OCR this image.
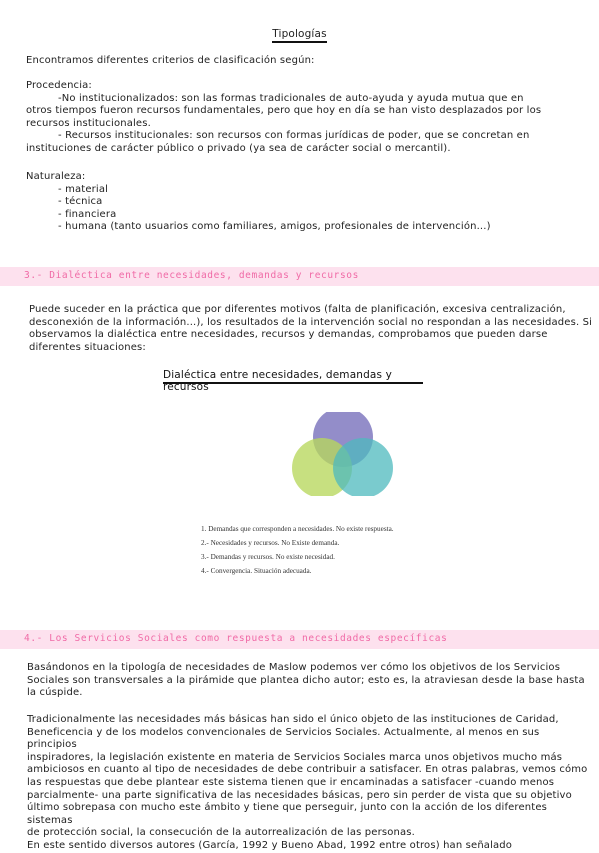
Tipologías

Encontramos diferentes criterios de clasificación según:

Procedencia:

-No institucionalizados: son las formas tradicionales de auto-ayuda y ayuda mutua que en

otros tiempos fueron recursos fundamentales, pero que hoy en día se han visto desplazados por los

recursos institucionales.

- Recursos institucionales: son recursos con formas jurídicas de poder, que se concretan en

instituciones de carácter público o privado (ya sea de carácter social o mercantil).

Naturaleza:

- material

- técnica

- financiera

- humana (tanto usuarios como familiares, amigos, profesionales de intervención...)

3.- Dialéctica entre necesidades, demandas y recursos

Puede suceder en la práctica que por diferentes motivos (falta de planificación, excesiva centralización,

desconexión de la información...), los resultados de la intervención social no respondan a las necesidades. Si

observamos la dialéctica entre necesidades, recursos y demandas, comprobamos que pueden darse

diferentes situaciones:

Dialéctica entre necesidades, demandas y recursos
1. Demandas que corresponden a necesidades. No existe respuesta.
2.- Necesidades y recursos. No Existe demanda.
3.- Demandas y recursos. No existe necesidad.
4.- Convergencia. Situación adecuada.
4.- Los Servicios Sociales como respuesta a necesidades específicas

Basándonos en la tipología de necesidades de Maslow podemos ver cómo los objetivos de los Servicios

Sociales son transversales a la pirámide que plantea dicho autor; esto es, la atraviesan desde la base hasta

la cúspide.

Tradicionalmente las necesidades más básicas han sido el único objeto de las instituciones de Caridad,

Beneficencia y de los modelos convencionales de Servicios Sociales. Actualmente, al menos en sus principios

inspiradores, la legislación existente en materia de Servicios Sociales marca unos objetivos mucho más

ambiciosos en cuanto al tipo de necesidades de debe contribuir a satisfacer. En otras palabras, vemos cómo

las respuestas que debe plantear este sistema tienen que ir encaminadas a satisfacer -cuando menos

parcialmente- una parte significativa de las necesidades básicas, pero sin perder de vista que su objetivo

último sobrepasa con mucho este ámbito y tiene que perseguir, junto con la acción de los diferentes sistemas

de protección social, la consecución de la autorrealización de las personas.

En este sentido diversos autores (García, 1992 y Bueno Abad, 1992 entre otros) han señalado
